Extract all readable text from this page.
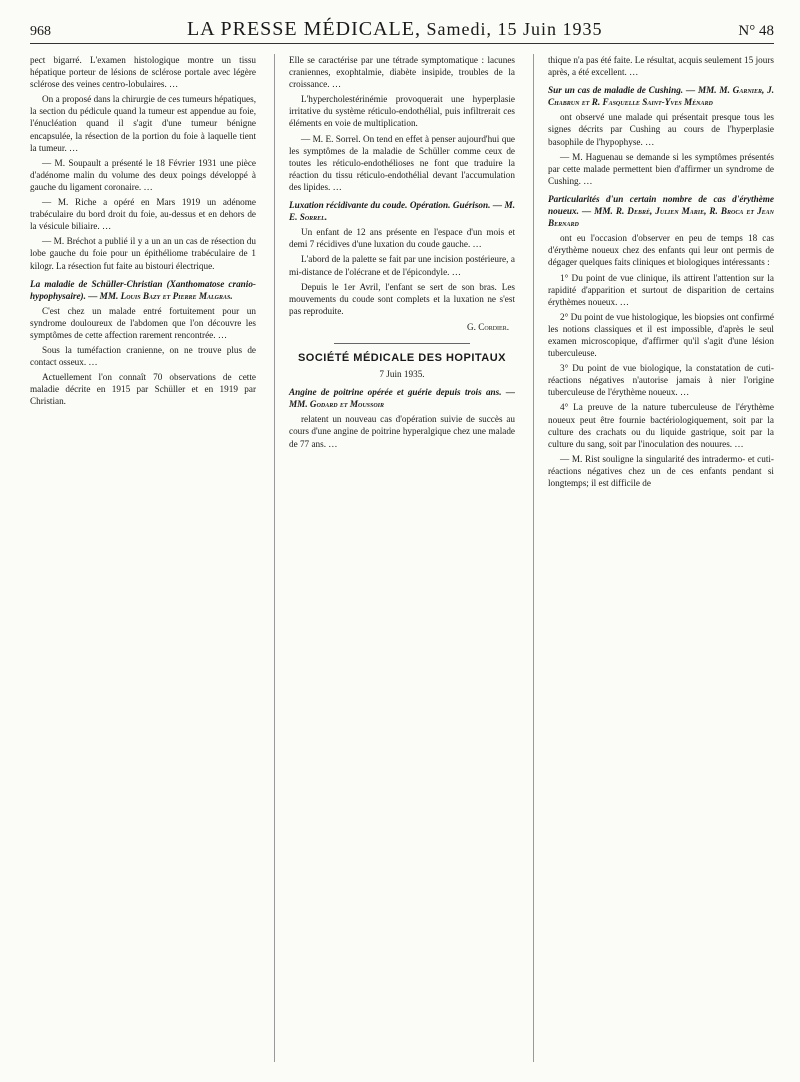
968	LA PRESSE MÉDICALE, Samedi, 15 Juin 1935	N° 48

pect bigarré. L'examen histologique montre un tissu hépatique porteur de lésions de sclérose portale avec légère sclérose des veines centro-lobulaires. …

On a proposé dans la chirurgie de ces tumeurs hépatiques, la section du pédicule quand la tumeur est appendue au foie, l'énucléation quand il s'agit d'une tumeur bénigne encapsulée, la résection de la portion du foie à laquelle tient la tumeur. …

— M. Soupault a présenté le 18 Février 1931 une pièce d'adénome malin du volume des deux poings développé à gauche du ligament coronaire. …

— M. Riche a opéré en Mars 1919 un adénome trabéculaire du bord droit du foie, au-dessus et en dehors de la vésicule biliaire. …

— M. Bréchot a publié il y a un an un cas de résection du lobe gauche du foie pour un épithéliome trabéculaire de 1 kilogr. La résection fut faite au bistouri électrique.

La maladie de Schüller-Christian (Xanthomatose cranio-hypophysaire). — MM. Louis Bazy et Pierre Malgras.

C'est chez un malade entré fortuitement pour un syndrome douloureux de l'abdomen que l'on découvre les symptômes de cette affection rarement rencontrée. …

Sous la tuméfaction cranienne, on ne trouve plus de contact osseux. …

Actuellement l'on connaît 70 observations de cette maladie décrite en 1915 par Schüller et en 1919 par Christian.

Elle se caractérise par une tétrade symptomatique : lacunes craniennes, exophtalmie, diabète insipide, troubles de la croissance. …

L'hypercholestérinémie provoquerait une hyperplasie irritative du système réticulo-endothélial, puis infiltrerait ces éléments en voie de multiplication.

— M. E. Sorrel. On tend en effet à penser aujourd'hui que les symptômes de la maladie de Schüller comme ceux de toutes les réticulo-endothélioses ne font que traduire la réaction du tissu réticulo-endothélial devant l'accumulation des lipides. …

Luxation récidivante du coude. Opération. Guérison. — M. E. Sorrel.

Un enfant de 12 ans présente en l'espace d'un mois et demi 7 récidives d'une luxation du coude gauche. …

L'abord de la palette se fait par une incision postérieure, a mi-distance de l'olécrane et de l'épicondyle. …

Depuis le 1er Avril, l'enfant se sert de son bras. Les mouvements du coude sont complets et la luxation ne s'est pas reproduite.

G. Cordier.
SOCIÉTÉ MÉDICALE DES HOPITAUX
7 Juin 1935.

Angine de poitrine opérée et guérie depuis trois ans. — MM. Godard et Moussoir

relatent un nouveau cas d'opération suivie de succès au cours d'une angine de poitrine hyperalgique chez une malade de 77 ans. …

thique n'a pas été faite. Le résultat, acquis seulement 15 jours après, a été excellent. …

Sur un cas de maladie de Cushing. — MM. M. Garnier, J. Chabrun et R. Fasquelle Saint-Yves Ménard

ont observé une malade qui présentait presque tous les signes décrits par Cushing au cours de l'hyperplasie basophile de l'hypophyse. …

— M. Haguenau se demande si les symptômes présentés par cette malade permettent bien d'affirmer un syndrome de Cushing. …

Particularités d'un certain nombre de cas d'érythème noueux. — MM. R. Debré, Julien Marie, R. Broca et Jean Bernard

ont eu l'occasion d'observer en peu de temps 18 cas d'érythème noueux chez des enfants qui leur ont permis de dégager quelques faits cliniques et biologiques intéressants :

1° Du point de vue clinique, ils attirent l'attention sur la rapidité d'apparition et surtout de disparition de certains érythèmes noueux. …

2° Du point de vue histologique, les biopsies ont confirmé les notions classiques et il est impossible, d'après le seul examen microscopique, d'affirmer qu'il s'agit d'une lésion tuberculeuse.

3° Du point de vue biologique, la constatation de cuti-réactions négatives n'autorise jamais à nier l'origine tuberculeuse de l'érythème noueux. …

4° La preuve de la nature tuberculeuse de l'érythème noueux peut être fournie bactériologiquement, soit par la culture des crachats ou du liquide gastrique, soit par la culture du sang, soit par l'inoculation des nouures. …

— M. Rist souligne la singularité des intradermo- et cuti-réactions négatives chez un de ces enfants pendant si longtemps; il est difficile de
